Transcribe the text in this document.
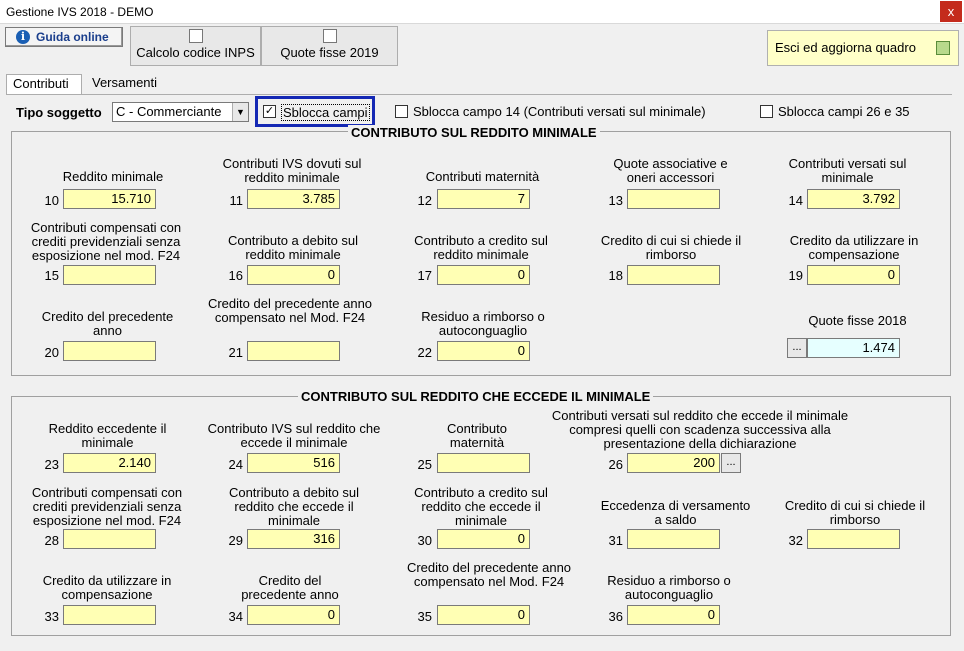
Gestione IVS 2018 - DEMO	x
i Guida online
Calcolo codice INPS	Quote fisse 2019	Esci ed aggiorna quadro
Contributi	Versamenti
Tipo soggetto	C - Commerciante	▼ ✓ Sblocca campi	Sblocca campo 14 (Contributi versati sul minimale)	Sblocca campi 26 e 35
CONTRIBUTO SUL REDDITO MINIMALE
Reddito minimale
10	15.710
Contributi IVS dovuti sul reddito minimale
11	3.785
Contributi maternità
12	7
Quote associative e oneri accessori
13
Contributi versati sul minimale
14	3.792
Contributi compensati con crediti previdenziali senza esposizione nel mod. F24
15
Contributo a debito sul reddito minimale
16	0
Contributo a credito sul reddito minimale
17	0
Credito di cui si chiede il rimborso
18
Credito da utilizzare in compensazione
19	0
Credito del precedente anno
20
Credito del precedente anno compensato nel Mod. F24
21
Residuo a rimborso o autoconguaglio
22	0
Quote fisse 2018
...	1.474
CONTRIBUTO SUL REDDITO CHE ECCEDE IL MINIMALE
Reddito eccedente il minimale
23	2.140
Contributo IVS sul reddito che eccede il minimale
24	516
Contributo maternità
25
Contributi versati sul reddito che eccede il minimale compresi quelli con scadenza successiva alla presentazione della dichiarazione
26	200	...
Contributi compensati con crediti previdenziali senza esposizione nel mod. F24
28
Contributo a debito sul reddito che eccede il minimale
29	316
Contributo a credito sul reddito che eccede il minimale
30	0
Eccedenza di versamento a saldo
31
Credito di cui si chiede il rimborso
32
Credito da utilizzare in compensazione
33
Credito del precedente anno
34	0
Credito del precedente anno compensato nel Mod. F24
35	0
Residuo a rimborso o autoconguaglio
36	0
